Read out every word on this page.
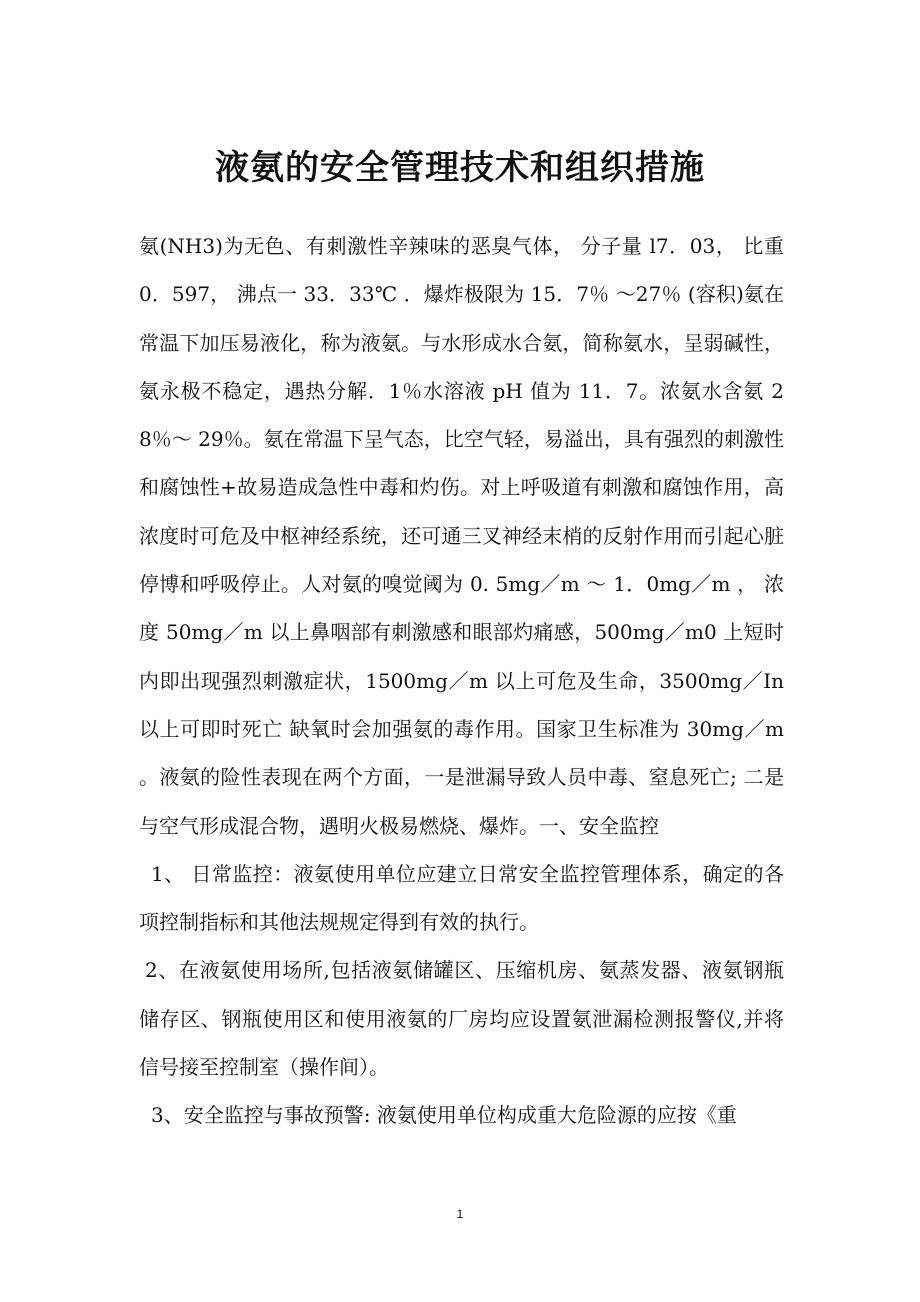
液氨的安全管理技术和组织措施

氨(NH3)为无色、有刺激性辛辣味的恶臭气体， 分子量 l7．03， 比重 0．597， 沸点一 33．33℃ ．爆炸极限为 15．7％ ～27％ (容积)氨在常温下加压易液化，称为液氨。与水形成水合氨，简称氨水，呈弱碱性，氨永极不稳定，遇热分解．1％水溶液 pH 值为 11．7。浓氨水含氨 28％～ 29％。氨在常温下呈气态，比空气轻，易溢出，具有强烈的刺激性和腐蚀性+故易造成急性中毒和灼伤。对上呼吸道有刺激和腐蚀作用，高浓度时可危及中枢神经系统，还可通三叉神经末梢的反射作用而引起心脏停博和呼吸停止。人对氨的嗅觉阈为 0. 5mg／m ～ 1．0mg／m ， 浓度 50mg／m 以上鼻咽部有刺激感和眼部灼痛感，500mg／m0 上短时内即出现强烈刺激症状，1500mg／m 以上可危及生命，3500mg／In 以上可即时死亡 缺氧时会加强氨的毒作用。国家卫生标准为 30mg／m 。液氨的险性表现在两个方面，一是泄漏导致人员中毒、窒息死亡; 二是与空气形成混合物，遇明火极易燃烧、爆炸。一、安全监控

1、 日常监控：液氨使用单位应建立日常安全监控管理体系，确定的各项控制指标和其他法规规定得到有效的执行。

2、在液氨使用场所,包括液氨储罐区、压缩机房、氨蒸发器、液氨钢瓶储存区、钢瓶使用区和使用液氨的厂房均应设置氨泄漏检测报警仪,并将信号接至控制室（操作间）。

3、安全监控与事故预警: 液氨使用单位构成重大危险源的应按《重

1
